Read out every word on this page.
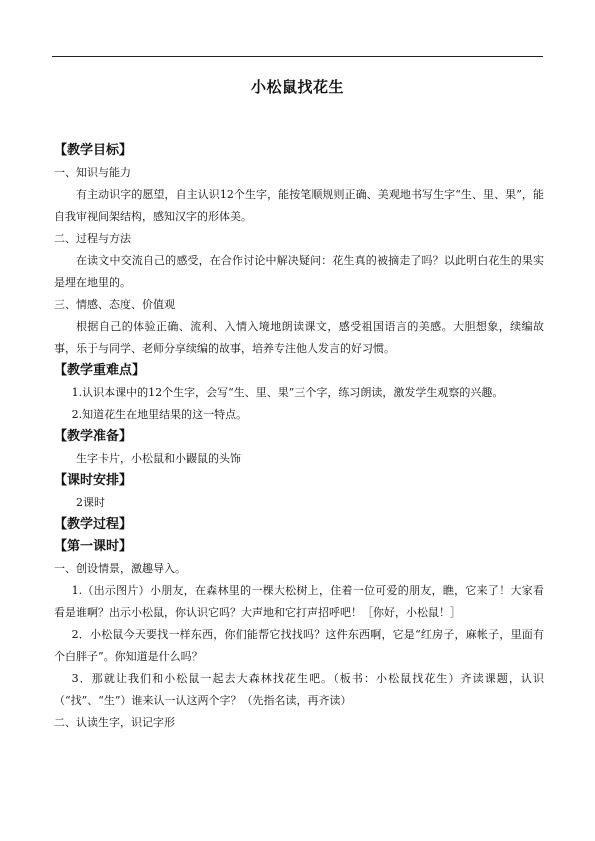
小松鼠找花生
【教学目标】
一、知识与能力
有主动识字的愿望，自主认识12个生字，能按笔顺规则正确、美观地书写生字“生、里、果”，能自我审视间架结构，感知汉字的形体美。
二、过程与方法
在读文中交流自己的感受，在合作讨论中解决疑问：花生真的被摘走了吗？以此明白花生的果实是埋在地里的。
三、情感、态度、价值观
根据自己的体验正确、流利、入情入境地朗读课文，感受祖国语言的美感。大胆想象，续编故事，乐于与同学、老师分享续编的故事，培养专注他人发言的好习惯。
【教学重难点】
1.认识本课中的12个生字，会写“生、里、果”三个字，练习朗读，激发学生观察的兴趣。
2.知道花生在地里结果的这一特点。
【教学准备】
生字卡片，小松鼠和小鼹鼠的头饰
【课时安排】
2课时
【教学过程】
【第一课时】
一、创设情景，激趣导入。
1.（出示图片）小朋友，在森林里的一棵大松树上，住着一位可爱的朋友，瞧，它来了！大家看看是谁啊？出示小松鼠，你认识它吗？大声地和它打声招呼吧！［你好，小松鼠！］
2．小松鼠今天要找一样东西，你们能帮它找找吗？这件东西啊，它是“红房子，麻帐子，里面有个白胖子”。你知道是什么吗？
3．那就让我们和小松鼠一起去大森林找花生吧。（板书：小松鼠找花生）齐读课题，认识（“找”、“生”）谁来认一认这两个字？（先指名读，再齐读）
二、认读生字，识记字形
